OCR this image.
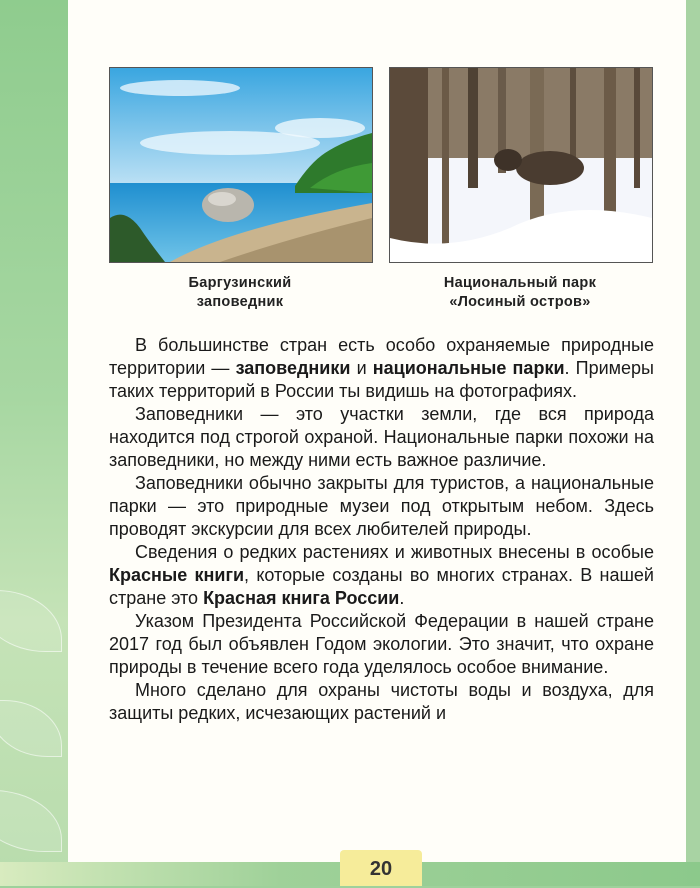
Баргузинский
заповедник
Национальный парк
«Лосиный остров»

В большинстве стран есть особо охраняемые природные территории — заповедники и национальные парки. Примеры таких территорий в России ты видишь на фотографиях.

Заповедники — это участки земли, где вся природа находится под строгой охраной. Национальные парки похожи на заповедники, но между ними есть важное различие.

Заповедники обычно закрыты для туристов, а национальные парки — это природные музеи под открытым небом. Здесь проводят экскурсии для всех любителей природы.

Сведения о редких растениях и животных внесены в особые Красные книги, которые созданы во многих странах. В нашей стране это Красная книга России.

Указом Президента Российской Федерации в нашей стране 2017 год был объявлен Годом экологии. Это значит, что охране природы в течение всего года уделялось особое внимание.

Много сделано для охраны чистоты воды и воздуха, для защиты редких, исчезающих растений и

20
